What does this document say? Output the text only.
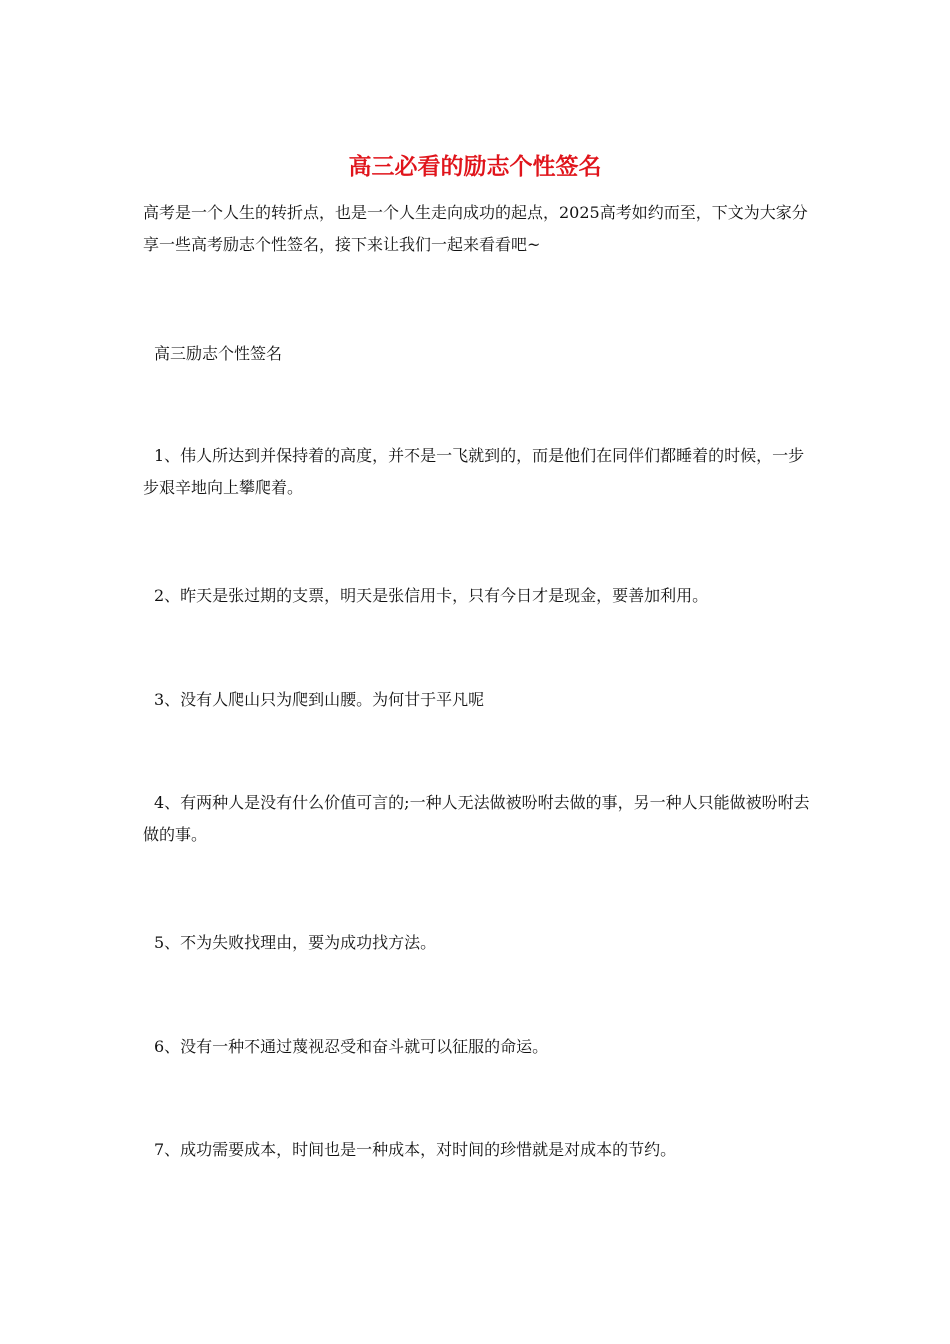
高三必看的励志个性签名

高考是一个人生的转折点，也是一个人生走向成功的起点，2025高考如约而至，下文为大家分享一些高考励志个性签名，接下来让我们一起来看看吧~

高三励志个性签名

1、伟人所达到并保持着的高度，并不是一飞就到的，而是他们在同伴们都睡着的时候，一步步艰辛地向上攀爬着。

2、昨天是张过期的支票，明天是张信用卡，只有今日才是现金，要善加利用。

3、没有人爬山只为爬到山腰。为何甘于平凡呢

4、有两种人是没有什么价值可言的;一种人无法做被吩咐去做的事，另一种人只能做被吩咐去做的事。

5、不为失败找理由，要为成功找方法。

6、没有一种不通过蔑视忍受和奋斗就可以征服的命运。

7、成功需要成本，时间也是一种成本，对时间的珍惜就是对成本的节约。
